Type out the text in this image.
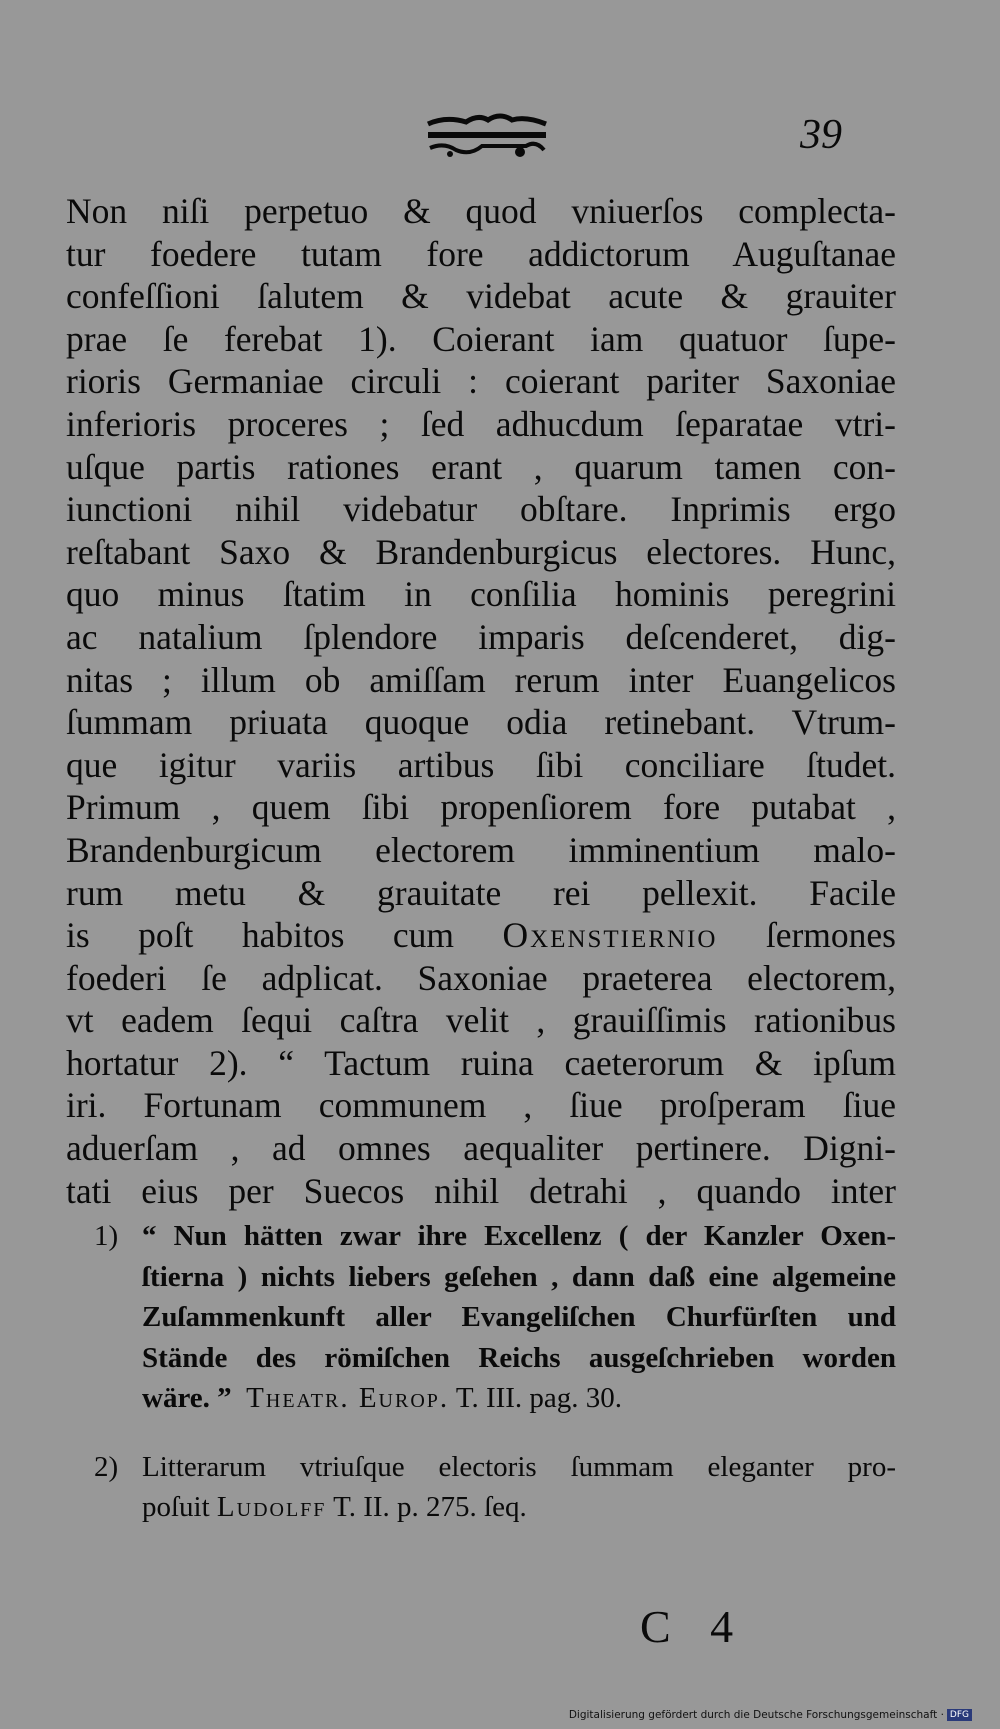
39
Non niſi perpetuo & quod vniuerſos complecta-
tur foedere tutam fore addictorum Auguſtanae
confeſſioni ſalutem & videbat acute & grauiter
prae ſe ferebat 1). Coierant iam quatuor ſupe-
rioris Germaniae circuli : coierant pariter Saxoniae
inferioris proceres ; ſed adhucdum ſeparatae vtri-
uſque partis rationes erant , quarum tamen con-
iunctioni nihil videbatur obſtare. Inprimis ergo
reſtabant Saxo & Brandenburgicus electores. Hunc,
quo minus ſtatim in conſilia hominis peregrini
ac natalium ſplendore imparis deſcenderet, dig-
nitas ; illum ob amiſſam rerum inter Euangelicos
ſummam priuata quoque odia retinebant. Vtrum-
que igitur variis artibus ſibi conciliare ſtudet.
Primum , quem ſibi propenſiorem fore putabat ,
Brandenburgicum electorem imminentium malo-
rum metu & grauitate rei pellexit. Facile
is poſt habitos cum Oxenstiernio ſermones
foederi ſe adplicat. Saxoniae praeterea electorem,
vt eadem ſequi caſtra velit , grauiſſimis rationibus
hortatur 2). “ Tactum ruina caeterorum & ipſum
iri. Fortunam communem , ſiue proſperam ſiue
aduerſam , ad omnes aequaliter pertinere. Digni-
tati eius per Suecos nihil detrahi , quando inter
1) “ Nun hätten zwar ihre Excellenz ( der Kanzler Oxen-
ſtierna ) nichts liebers geſehen , dann daß eine algemeine
Zuſammenkunft aller Evangeliſchen Churfürſten und
Stände des römiſchen Reichs ausgeſchrieben worden
wäre. ” Theatr. Europ. T. III. pag. 30.
2) Litterarum vtriuſque electoris ſummam eleganter pro-
poſuit Ludolff T. II. p. 275. ſeq.
C 4
Digitalisierung gefördert durch die Deutsche Forschungsgemeinschaft · DFG
